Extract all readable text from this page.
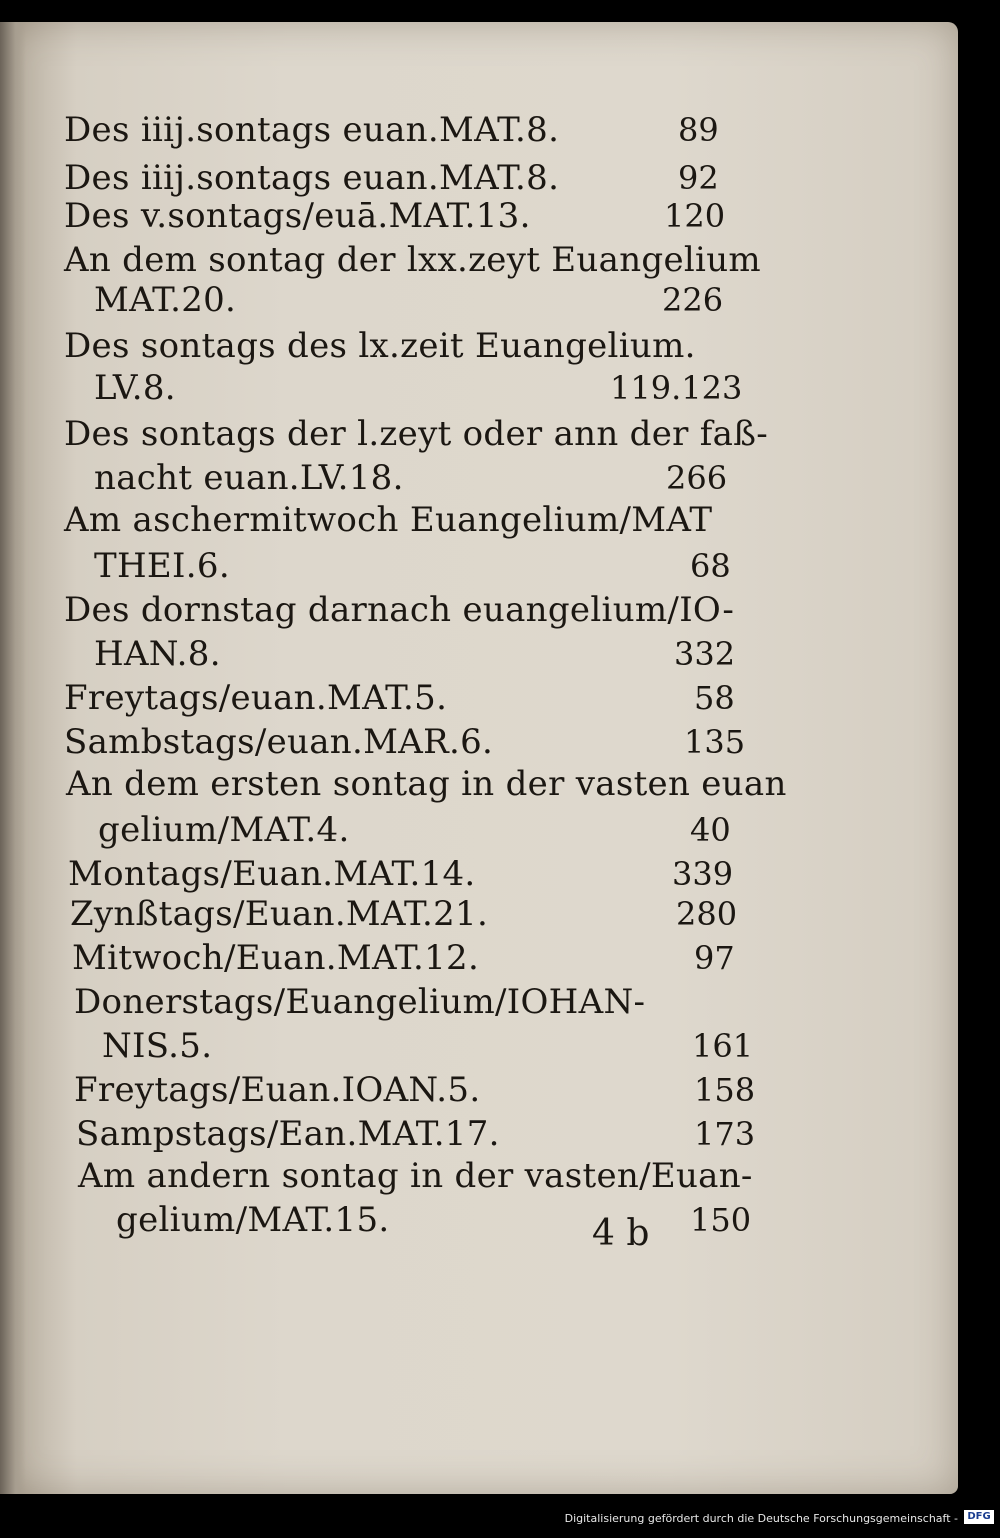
Des iiij.sontags euan.MAT.8.	89
Des iiij.sontags euan.MAT.8.	92
Des v.sontags/euā.MAT.13.	120
An dem sontag der lxx.zeyt Euangelium
MAT.20.	226
Des sontags des lx.zeit Euangelium.
LV.8.	119.123
Des sontags der l.zeyt oder ann der faß-
nacht euan.LV.18.	266
Am aschermitwoch Euangelium/MAT
THEI.6.	68
Des dornstag darnach euangelium/IO-
HAN.8.	332
Freytags/euan.MAT.5.	58
Sambstags/euan.MAR.6.	135
An dem ersten sontag in der vasten euan
gelium/MAT.4.	40
Montags/Euan.MAT.14.	339
Zynßtags/Euan.MAT.21.	280
Mitwoch/Euan.MAT.12.	97
Donerstags/Euangelium/IOHAN-
NIS.5.	161
Freytags/Euan.IOAN.5.	158
Sampstags/Ean.MAT.17.	173
Am andern sontag in der vasten/Euan-
gelium/MAT.15.	150
4 b
Digitalisierung gefördert durch die Deutsche Forschungsgemeinschaft - DFG
